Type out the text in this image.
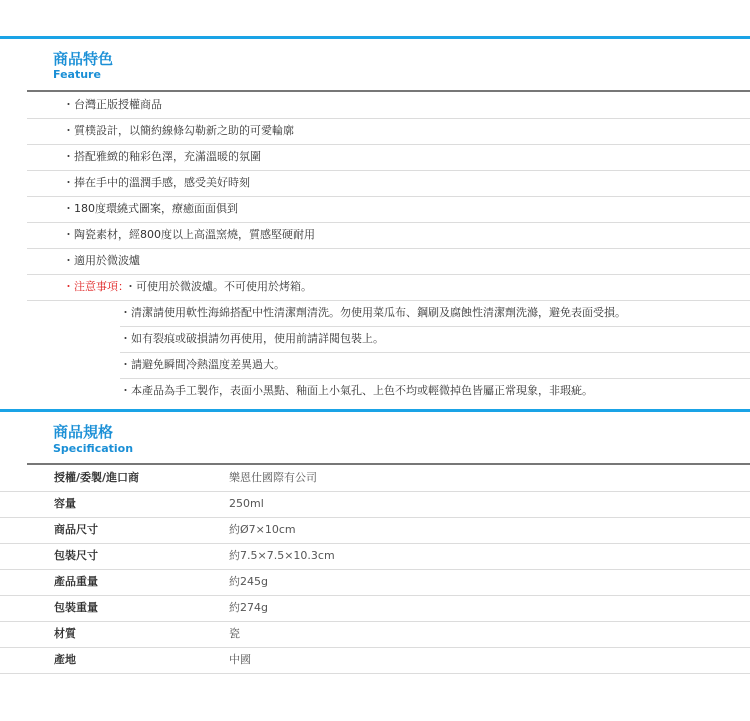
商品特色
Feature
・ 台灣正版授權商品
・ 質樸設計，以簡約線條勾勒新之助的可愛輪廓
・ 搭配雅緻的釉彩色澤，充滿溫暖的氛圍
・ 捧在手中的溫潤手感，感受美好時刻
・ 180度環繞式圖案，療癒面面俱到
・ 陶瓷素材，經800度以上高溫窯燒，質感堅硬耐用
・ 適用於微波爐
・ 注意事項：
・ 可使用於微波爐。不可使用於烤箱。
・ 清潔請使用軟性海綿搭配中性清潔劑清洗。勿使用菜瓜布、鋼刷及腐蝕性清潔劑洗滌，避免表面受損。
・ 如有裂痕或破損請勿再使用，使用前請詳閱包裝上。
・ 請避免瞬間冷熱溫度差異過大。
・ 本產品為手工製作，表面小黑點、釉面上小氣孔、上色不均或輕微掉色皆屬正常現象，非瑕疵。
商品規格
Specification
授權/委製/進口商	樂恩仕國際有公司
容量	250ml
商品尺寸	約Ø7×10cm
包裝尺寸	約7.5×7.5×10.3cm
產品重量	約245g
包裝重量	約274g
材質	瓷
產地	中國
